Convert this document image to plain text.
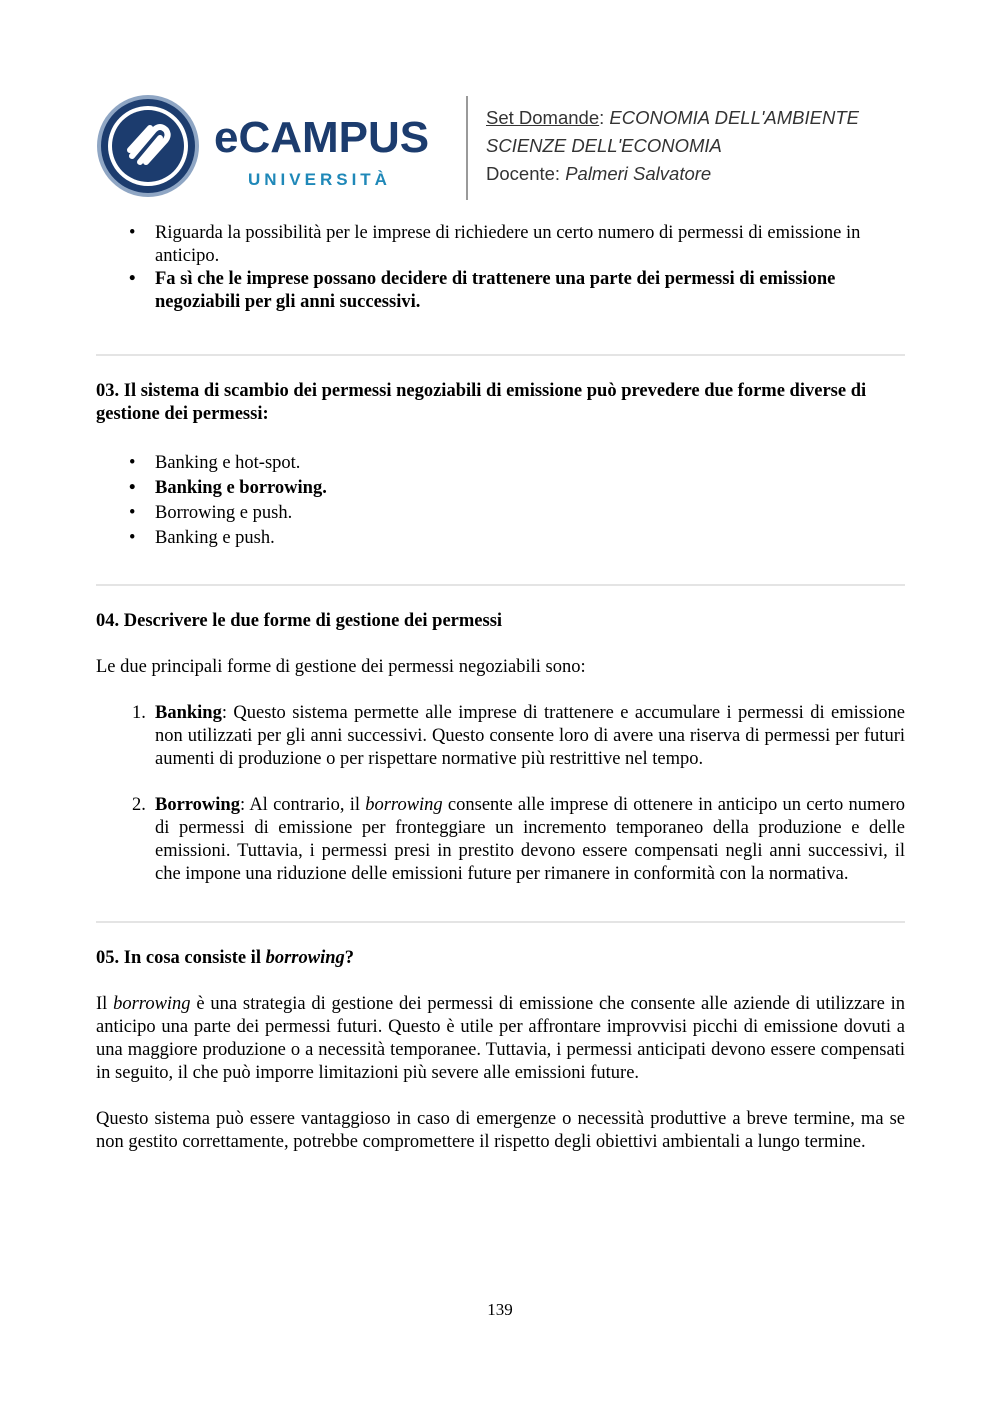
eCAMPUS
UNIVERSITÀ
Set Domande: ECONOMIA DELL'AMBIENTE
SCIENZE DELL'ECONOMIA
Docente: Palmeri Salvatore
• Riguarda la possibilità per le imprese di richiedere un certo numero di permessi di emissione in anticipo.
• Fa sì che le imprese possano decidere di trattenere una parte dei permessi di emissione negoziabili per gli anni successivi.

03. Il sistema di scambio dei permessi negoziabili di emissione può prevedere due forme diverse di gestione dei permessi:

• Banking e hot-spot.
• Banking e borrowing.
• Borrowing e push.
• Banking e push.

04. Descrivere le due forme di gestione dei permessi

Le due principali forme di gestione dei permessi negoziabili sono:

1. Banking: Questo sistema permette alle imprese di trattenere e accumulare i permessi di emissione non utilizzati per gli anni successivi. Questo consente loro di avere una riserva di permessi per futuri aumenti di produzione o per rispettare normative più restrittive nel tempo.
2. Borrowing: Al contrario, il borrowing consente alle imprese di ottenere in anticipo un certo numero di permessi di emissione per fronteggiare un incremento temporaneo della produzione e delle emissioni. Tuttavia, i permessi presi in prestito devono essere compensati negli anni successivi, il che impone una riduzione delle emissioni future per rimanere in conformità con la normativa.

05. In cosa consiste il borrowing?

Il borrowing è una strategia di gestione dei permessi di emissione che consente alle aziende di utilizzare in anticipo una parte dei permessi futuri. Questo è utile per affrontare improvvisi picchi di emissione dovuti a una maggiore produzione o a necessità temporanee. Tuttavia, i permessi anticipati devono essere compensati in seguito, il che può imporre limitazioni più severe alle emissioni future.

Questo sistema può essere vantaggioso in caso di emergenze o necessità produttive a breve termine, ma se non gestito correttamente, potrebbe compromettere il rispetto degli obiettivi ambientali a lungo termine.

139
